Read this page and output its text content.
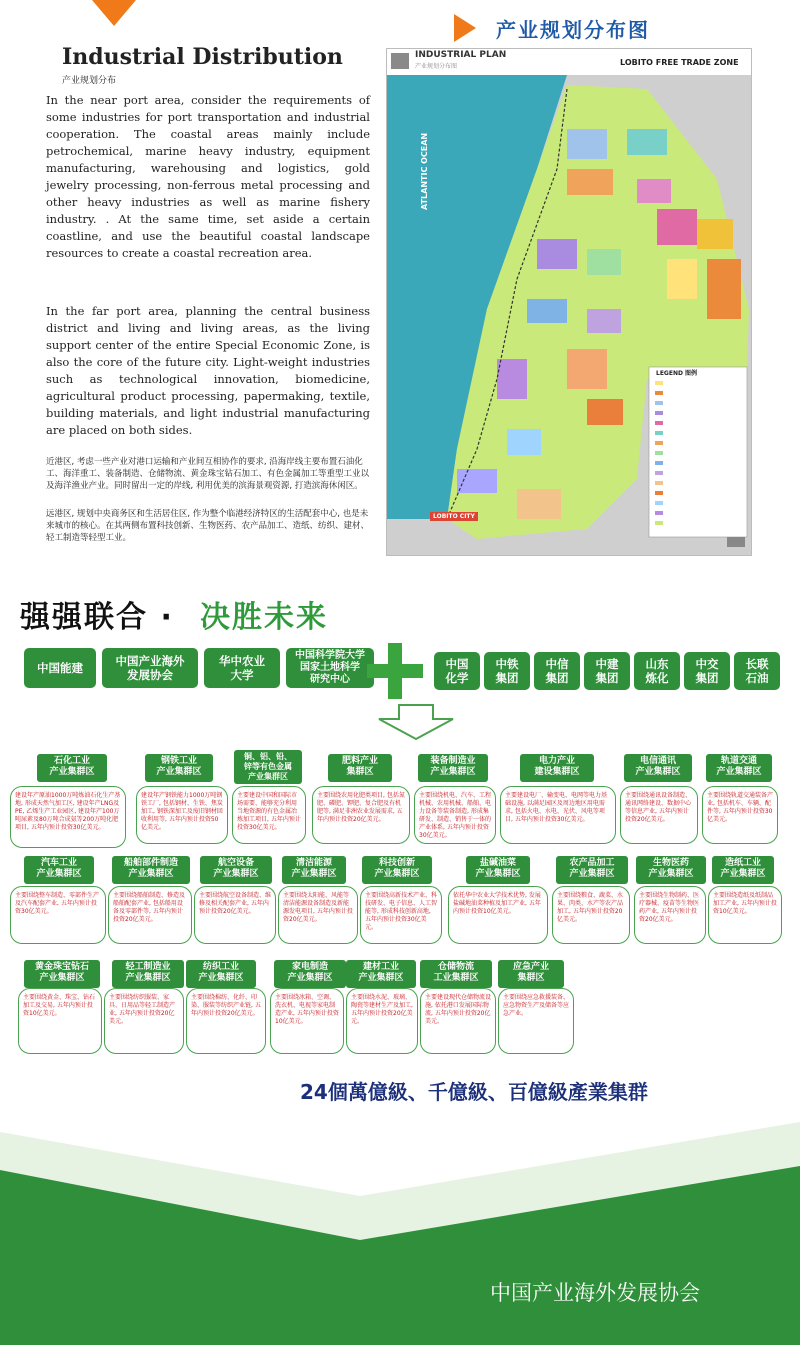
产业规划分布图
Industrial Distribution
产业规划分布
In the near port area, consider the requirements of some industries for port transportation and industrial cooperation. The coastal areas mainly include petrochemical, marine heavy industry, equipment manufacturing, warehousing and logistics, gold jewelry processing, non-ferrous metal processing and other heavy industries as well as marine fishery industry. . At the same time, set aside a certain coastline, and use the beautiful coastal landscape resources to create a coastal recreation area.
In the far port area, planning the central business district and living and living areas, as the living support center of the entire Special Economic Zone, is also the core of the future city. Light-weight industries such as technological innovation, biomedicine, agricultural product processing, papermaking, textile, building materials, and light industrial manufacturing are placed on both sides.
近港区, 考虑一些产业对港口运输和产业间互相协作的要求, 沿海岸线主要布置石油化工、海洋重工、装备制造、仓储物流、黄金珠宝钻石加工、有色金属加工等重型工业以及海洋渔业产业。同时留出一定的岸线, 利用优美的滨海景观资源, 打造滨海休闲区。
远港区, 规划中央商务区和生活居住区, 作为整个临港经济特区的生活配套中心, 也是未来城市的核心。在其两侧布置科技创新、生物医药、农产品加工、造纸、纺织、建材、轻工制造等轻型工业。
INDUSTRIAL PLAN
产业规划分布图	LOBITO FREE TRADE ZONE
ATLANTIC OCEAN
LOBITO CITY
LEGEND 图例
强强联合 · 决胜未来
中国能建	中国产业海外
发展协会
华中农业
大学
中国科学院大学
国家土地科学
研究中心
中国
化学
中铁
集团
中信
集团
中建
集团
山东
炼化
中交
集团
长联
石油
石化工业
产业集群区
建设年产原油1000万吨炼油石化生产基地, 形成天然气加工区, 建设年产LNG及PE, 乙烯生产工业园区, 建设年产100万吨尿素及80万吨合成氨等200万吨化肥项目, 五年内预计投资30亿美元。
钢铁工业
产业集群区
建设年产钢铁能力1000万吨钢铁工厂, 包括钢材、生铁、焦炭加工, 钢铁深加工及废旧钢材回收利用等, 五年内预计投资50亿美元。
铜、铝、铅、
锌等有色金属
产业集群区
主要建设中国和国际市场需要、能够充分利用当地资源的有色金属冶炼加工项目, 五年内预计投资30亿美元。
肥料产业
集群区
主要围绕农用化肥类项目, 包括氮肥、磷肥、钾肥、复合肥及有机肥等, 满足非洲农业发展需求, 五年内预计投资20亿美元。
装备制造业
产业集群区
主要围绕机电、汽车、工程机械、农用机械、船舶、电力设备等装备制造, 形成集研发、制造、销售于一体的产业体系, 五年内预计投资30亿美元。
电力产业
建设集群区
主要建设电厂、输变电、电网等电力基础设施, 以满足园区及周边地区用电需求, 包括火电、水电、光伏、风电等项目, 五年内预计投资30亿美元。
电信通讯
产业集群区
主要围绕通讯设备制造、通讯网络建设、数据中心等信息产业, 五年内预计投资20亿美元。
轨道交通
产业集群区
主要围绕轨道交通装备产业, 包括机车、车辆、配件等, 五年内预计投资30亿美元。
汽车工业
产业集群区
主要围绕整车制造、零部件生产及汽车配套产业, 五年内预计投资30亿美元。
船舶部件制造
产业集群区
主要围绕船舶制造、修造及船舶配套产业, 包括船用设备及零部件等, 五年内预计投资20亿美元。
航空设备
产业集群区
主要围绕航空设备制造、维修及相关配套产业, 五年内预计投资20亿美元。
清洁能源
产业集群区
主要围绕太阳能、风能等清洁能源设备制造及新能源发电项目, 五年内预计投资20亿美元。
科技创新
产业集群区
主要围绕高新技术产业、科技研发、电子信息、人工智能等, 形成科技创新高地, 五年内预计投资30亿美元。
盐碱油菜
产业集群区
依托华中农业大学技术优势, 发展盐碱地油菜种植及加工产业, 五年内预计投资10亿美元。
农产品加工
产业集群区
主要围绕粮食、蔬菜、水果、肉类、水产等农产品加工, 五年内预计投资20亿美元。
生物医药
产业集群区
主要围绕生物制药、医疗器械、疫苗等生物医药产业, 五年内预计投资20亿美元。
造纸工业
产业集群区
主要围绕造纸及纸制品加工产业, 五年内预计投资10亿美元。
黄金珠宝钻石
产业集群区
主要围绕黄金、珠宝、钻石加工及交易, 五年内预计投资10亿美元。
轻工制造业
产业集群区
主要围绕纺织服装、家具、日用品等轻工制造产业, 五年内预计投资20亿美元。
纺织工业
产业集群区
主要围绕棉纺、化纤、印染、服装等纺织产业链, 五年内预计投资20亿美元。
家电制造
产业集群区
主要围绕冰箱、空调、洗衣机、电视等家电制造产业, 五年内预计投资10亿美元。
建材工业
产业集群区
主要围绕水泥、玻璃、陶瓷等建材生产及加工, 五年内预计投资20亿美元。
仓储物流
工业集群区
主要建设现代仓储物流设施, 依托港口发展国际物流, 五年内预计投资20亿美元。
应急产业
集群区
主要围绕应急救援装备、应急物资生产及储备等应急产业。
24個萬億級、千億級、百億級產業集群
中国产业海外发展协会
